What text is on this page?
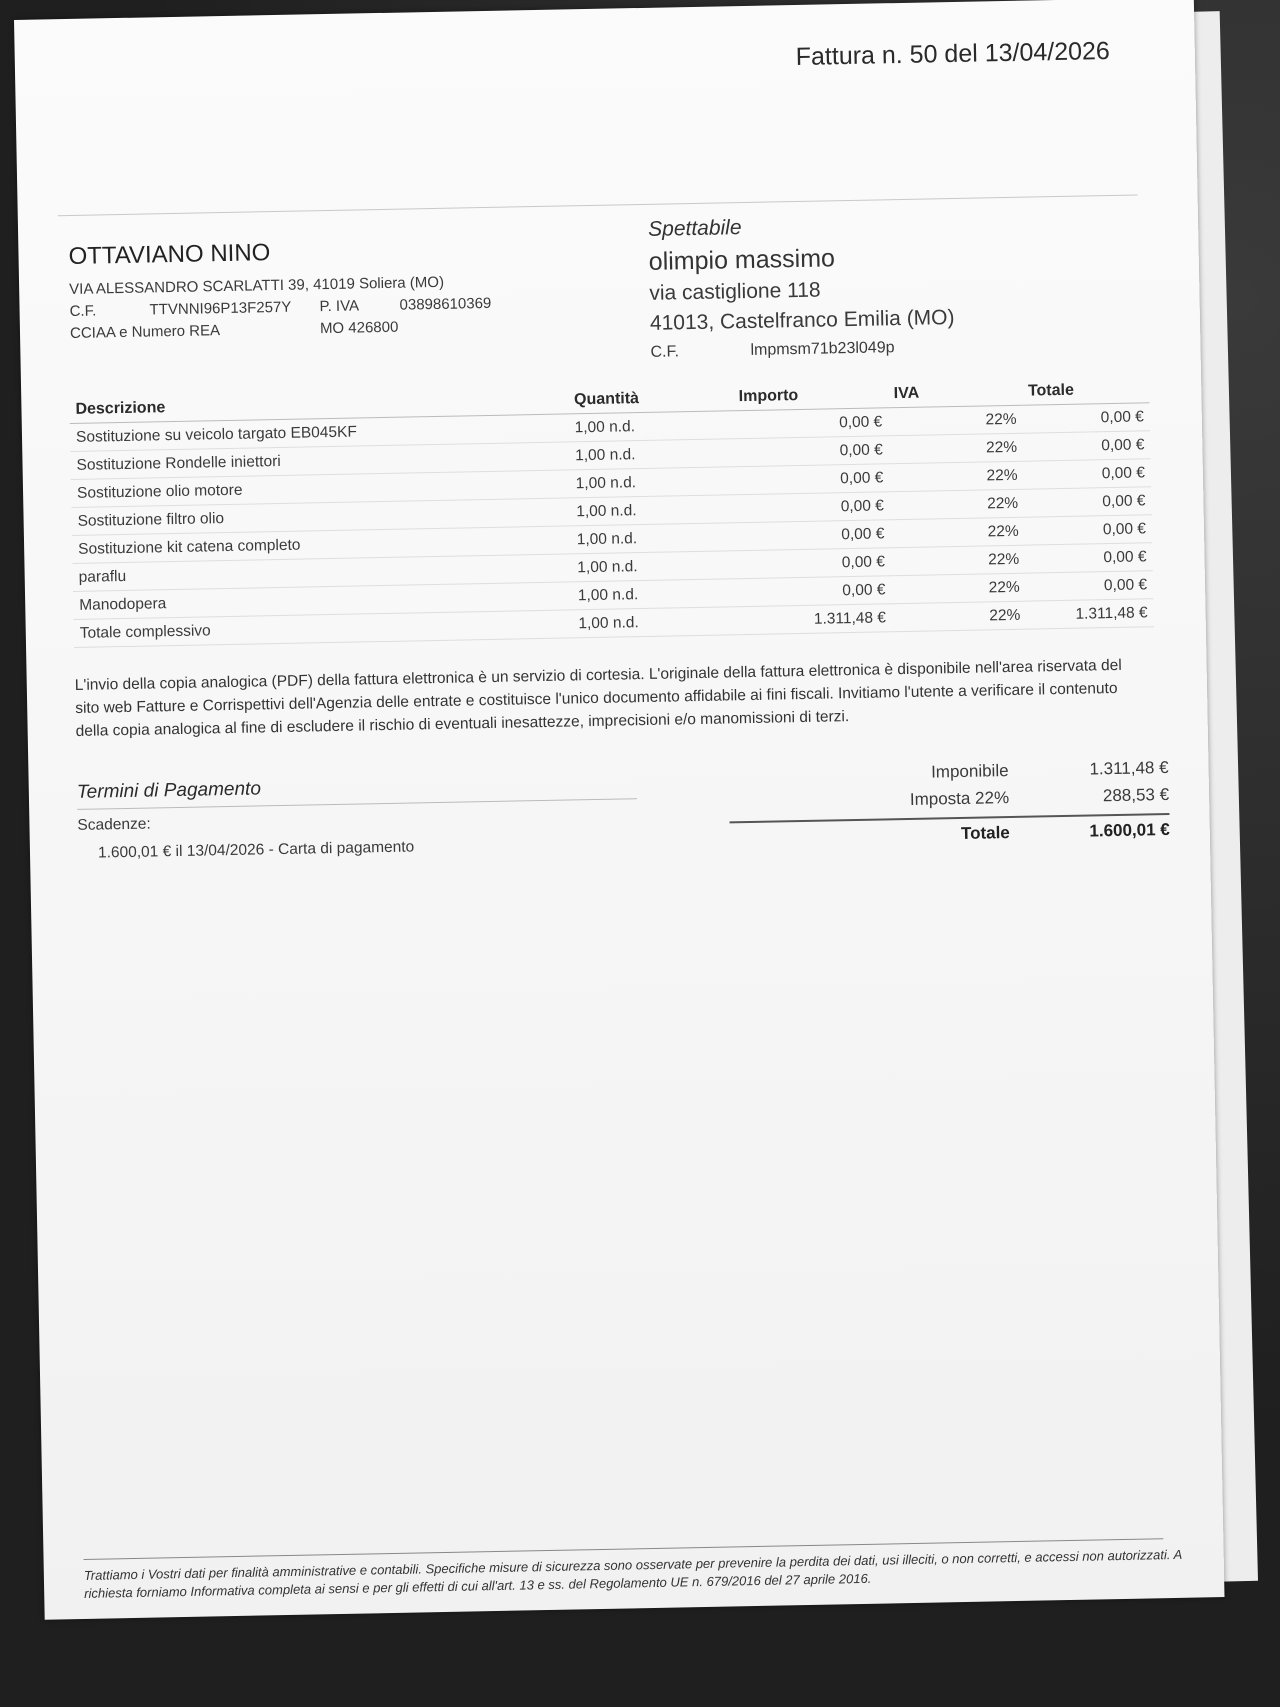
Fattura n. 50 del 13/04/2026
OTTAVIANO NINO
VIA ALESSANDRO SCARLATTI 39, 41019 Soliera (MO)
C.F.	TTVNNI96P13F257Y P. IVA	03898610369
CCIAA e Numero REA	MO 426800
Spettabile
olimpio massimo
via castiglione 118
41013, Castelfranco Emilia (MO)
C.F.	lmpmsm71b23l049p
Descrizione	Quantità	Importo	IVA	Totale
Sostituzione su veicolo targato EB045KF	1,00 n.d.	0,00 €	22%	0,00 €
Sostituzione Rondelle iniettori	1,00 n.d.	0,00 €	22%	0,00 €
Sostituzione olio motore	1,00 n.d.	0,00 €	22%	0,00 €
Sostituzione filtro olio	1,00 n.d.	0,00 €	22%	0,00 €
Sostituzione kit catena completo	1,00 n.d.	0,00 €	22%	0,00 €
paraflu	1,00 n.d.	0,00 €	22%	0,00 €
Manodopera	1,00 n.d.	0,00 €	22%	0,00 €
Totale complessivo	1,00 n.d.	1.311,48 €	22%	1.311,48 €
L'invio della copia analogica (PDF) della fattura elettronica è un servizio di cortesia. L'originale della fattura elettronica è disponibile nell'area riservata del sito web Fatture e Corrispettivi dell'Agenzia delle entrate e costituisce l'unico documento affidabile ai fini fiscali. Invitiamo l'utente a verificare il contenuto della copia analogica al fine di escludere il rischio di eventuali inesattezze, imprecisioni e/o manomissioni di terzi.
Termini di Pagamento
Scadenze:
1.600,01 € il 13/04/2026 - Carta di pagamento
Imponibile	1.311,48 €
Imposta 22%	288,53 €
Totale	1.600,01 €
Trattiamo i Vostri dati per finalità amministrative e contabili. Specifiche misure di sicurezza sono osservate per prevenire la perdita dei dati, usi illeciti, o non corretti, e accessi non autorizzati. A richiesta forniamo Informativa completa ai sensi e per gli effetti di cui all'art. 13 e ss. del Regolamento UE n. 679/2016 del 27 aprile 2016.
